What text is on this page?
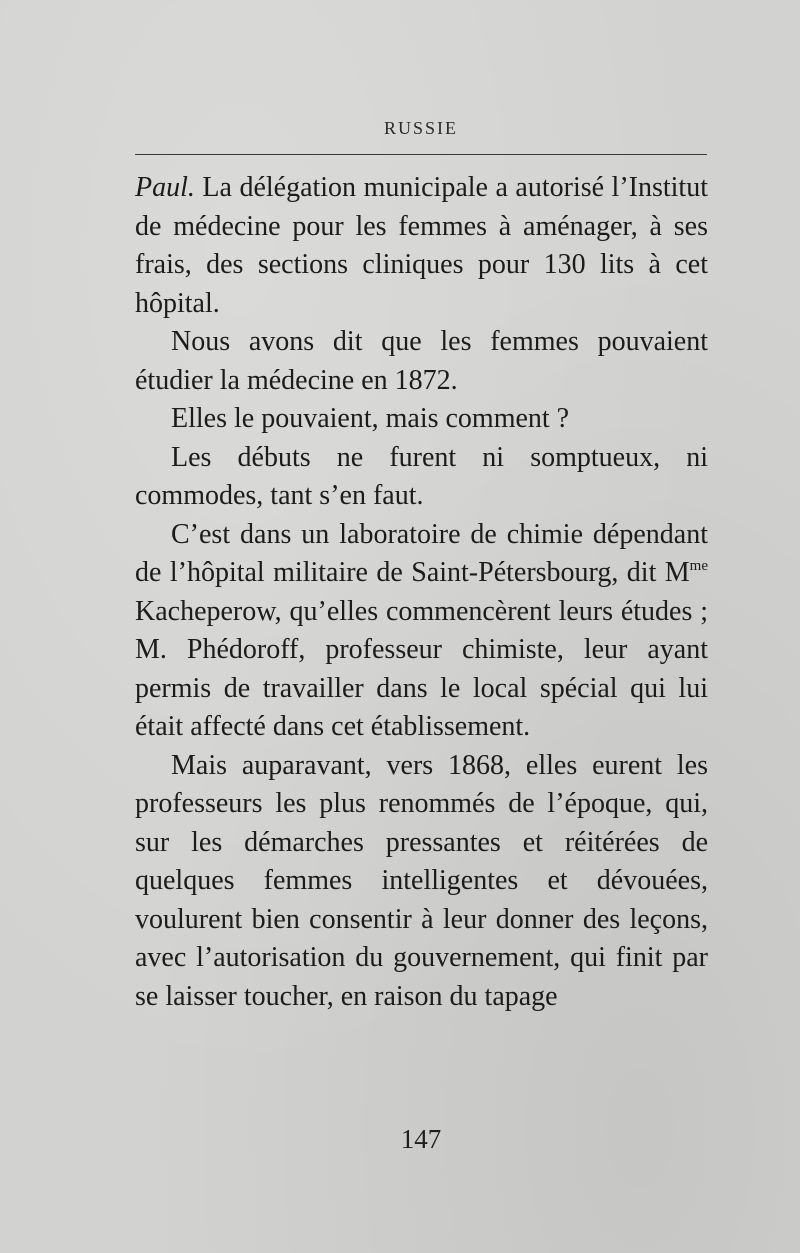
RUSSIE

Paul. La délégation municipale a autorisé l’Institut de médecine pour les femmes à aménager, à ses frais, des sections cliniques pour 130 lits à cet hôpital.

Nous avons dit que les femmes pouvaient étudier la médecine en 1872.

Elles le pouvaient, mais comment ?

Les débuts ne furent ni somptueux, ni commodes, tant s’en faut.

C’est dans un laboratoire de chimie dépendant de l’hôpital militaire de Saint-Pétersbourg, dit $M^{me}$ Kacheperow, qu’elles commencèrent leurs études ; M. Phédoroff, professeur chimiste, leur ayant permis de travailler dans le local spécial qui lui était affecté dans cet établissement.

Mais auparavant, vers 1868, elles eurent les professeurs les plus renommés de l’époque, qui, sur les démarches pressantes et réitérées de quelques femmes intelligentes et dévouées, voulurent bien consentir à leur donner des leçons, avec l’autorisation du gouvernement, qui finit par se laisser toucher, en raison du tapage

147
